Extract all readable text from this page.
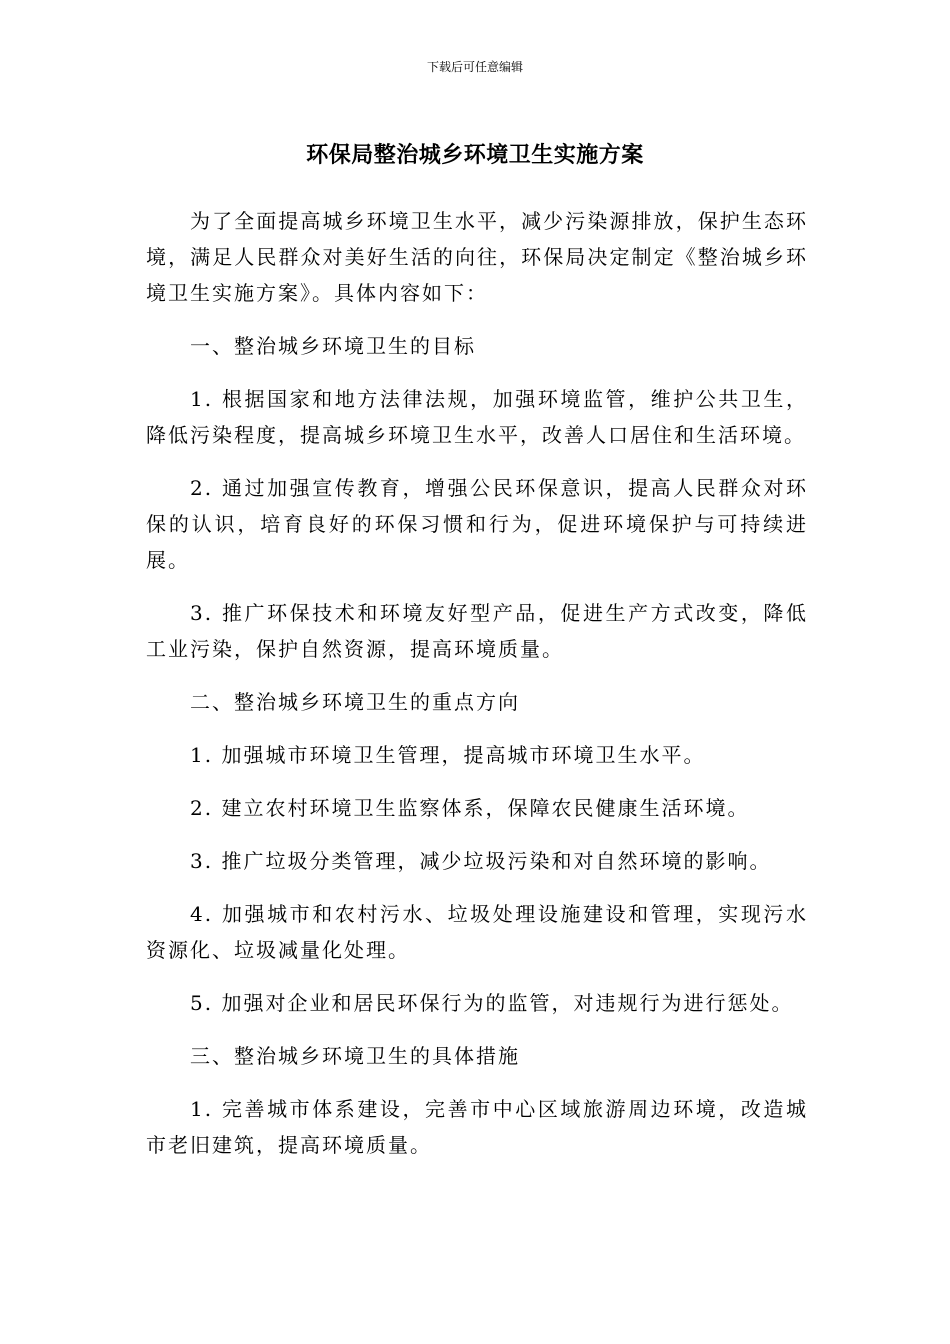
下载后可任意编辑
环保局整治城乡环境卫生实施方案

为了全面提高城乡环境卫生水平，减少污染源排放，保护生态环境，满足人民群众对美好生活的向往，环保局决定制定《整治城乡环境卫生实施方案》。具体内容如下：

一、整治城乡环境卫生的目标

1. 根据国家和地方法律法规，加强环境监管，维护公共卫生，降低污染程度，提高城乡环境卫生水平，改善人口居住和生活环境。

2. 通过加强宣传教育，增强公民环保意识，提高人民群众对环保的认识，培育良好的环保习惯和行为，促进环境保护与可持续进展。

3. 推广环保技术和环境友好型产品，促进生产方式改变，降低工业污染，保护自然资源，提高环境质量。

二、整治城乡环境卫生的重点方向

1. 加强城市环境卫生管理，提高城市环境卫生水平。

2. 建立农村环境卫生监察体系，保障农民健康生活环境。

3. 推广垃圾分类管理，减少垃圾污染和对自然环境的影响。

4. 加强城市和农村污水、垃圾处理设施建设和管理，实现污水资源化、垃圾减量化处理。

5. 加强对企业和居民环保行为的监管，对违规行为进行惩处。

三、整治城乡环境卫生的具体措施

1. 完善城市体系建设，完善市中心区域旅游周边环境，改造城市老旧建筑，提高环境质量。
